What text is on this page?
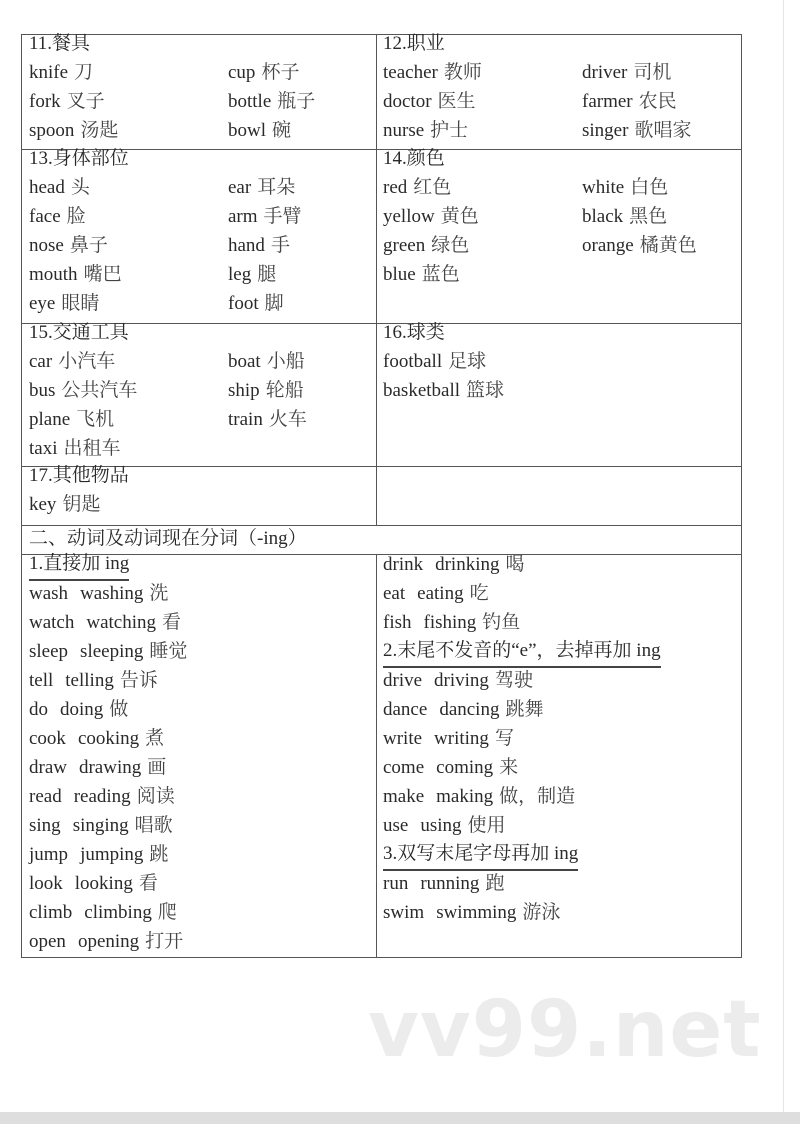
11.餐具
knife 刀
fork 叉子
spoon 汤匙
cup 杯子
bottle 瓶子
bowl 碗
12.职业
teacher 教师
doctor 医生
nurse 护士
driver 司机
farmer 农民
singer 歌唱家
13.身体部位
head 头
face 脸
nose 鼻子
mouth 嘴巴
eye 眼睛
ear 耳朵
arm 手臂
hand 手
leg 腿
foot 脚
14.颜色
red 红色
yellow 黄色
green 绿色
blue 蓝色
white 白色
black 黑色
orange 橘黄色
15.交通工具
car 小汽车
bus 公共汽车
plane 飞机
taxi 出租车
boat 小船
ship 轮船
train 火车
16.球类
football 足球
basketball 篮球
17.其他物品
key 钥匙
二、动词及动词现在分词（-ing）
1.直接加 ing
wash washing 洗
watch watching 看
sleep sleeping 睡觉
tell telling 告诉
do doing 做
cook cooking 煮
draw drawing 画
read reading 阅读
sing singing 唱歌
jump jumping 跳
look looking 看
climb climbing 爬
open opening 打开
drink drinking 喝
eat eating 吃
fish fishing 钓鱼
2.末尾不发音的“e”，去掉再加 ing
drive driving 驾驶
dance dancing 跳舞
write writing 写
come coming 来
make making 做，制造
use using 使用
3.双写末尾字母再加 ing
run running 跑
swim swimming 游泳
vv99.net
